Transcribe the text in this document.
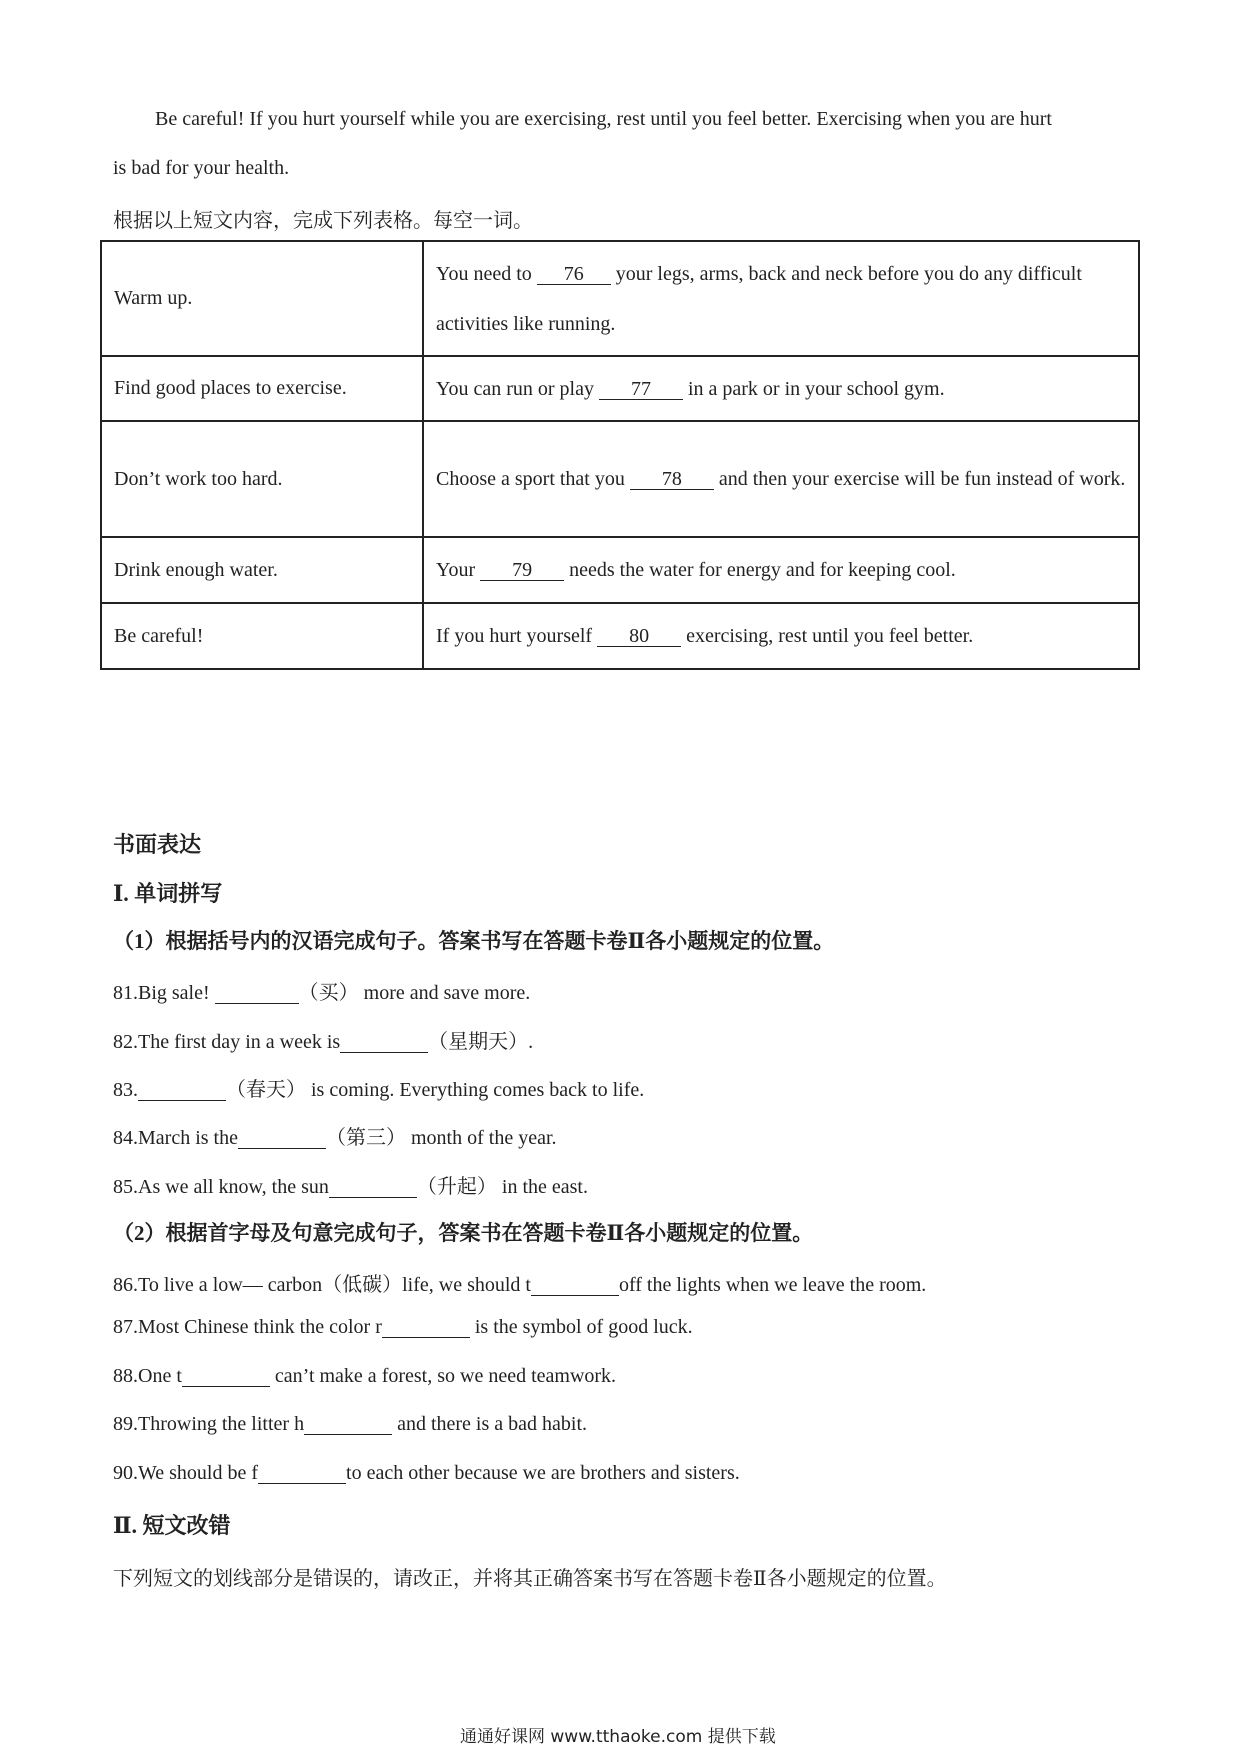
Be careful! If you hurt yourself while you are exercising, rest until you feel better. Exercising when you are hurt
is bad for your health.
根据以上短文内容，完成下列表格。每空一词。
Warm up.	You need to 76 your legs, arms, back and neck before you do any difficult activities like running.
Find good places to exercise.	You can run or play 77 in a park or in your school gym.
Don’t work too hard.	Choose a sport that you 78 and then your exercise will be fun instead of work.
Drink enough water.	Your 79 needs the water for energy and for keeping cool.
Be careful!	If you hurt yourself 80 exercising, rest until you feel better.
书面表达
Ⅰ. 单词拼写
（1）根据括号内的汉语完成句子。答案书写在答题卡卷Ⅱ各小题规定的位置。
81.Big sale!	（买） more and save more.
82.The first day in a week is	（星期天）.
83.	（春天） is coming. Everything comes back to life.
84.March is the	（第三） month of the year.
85.As we all know, the sun	（升起） in the east.
（2）根据首字母及句意完成句子，答案书在答题卡卷Ⅱ各小题规定的位置。
86.To live a low— carbon（低碳）life, we should t	off the lights when we leave the room.
87.Most Chinese think the color r	is the symbol of good luck.
88.One t	can’t make a forest, so we need teamwork.
89.Throwing the litter h	and there is a bad habit.
90.We should be f	to each other because we are brothers and sisters.
Ⅱ. 短文改错
下列短文的划线部分是错误的，请改正，并将其正确答案书写在答题卡卷Ⅱ各小题规定的位置。
通通好课网 www.tthaoke.com 提供下载
